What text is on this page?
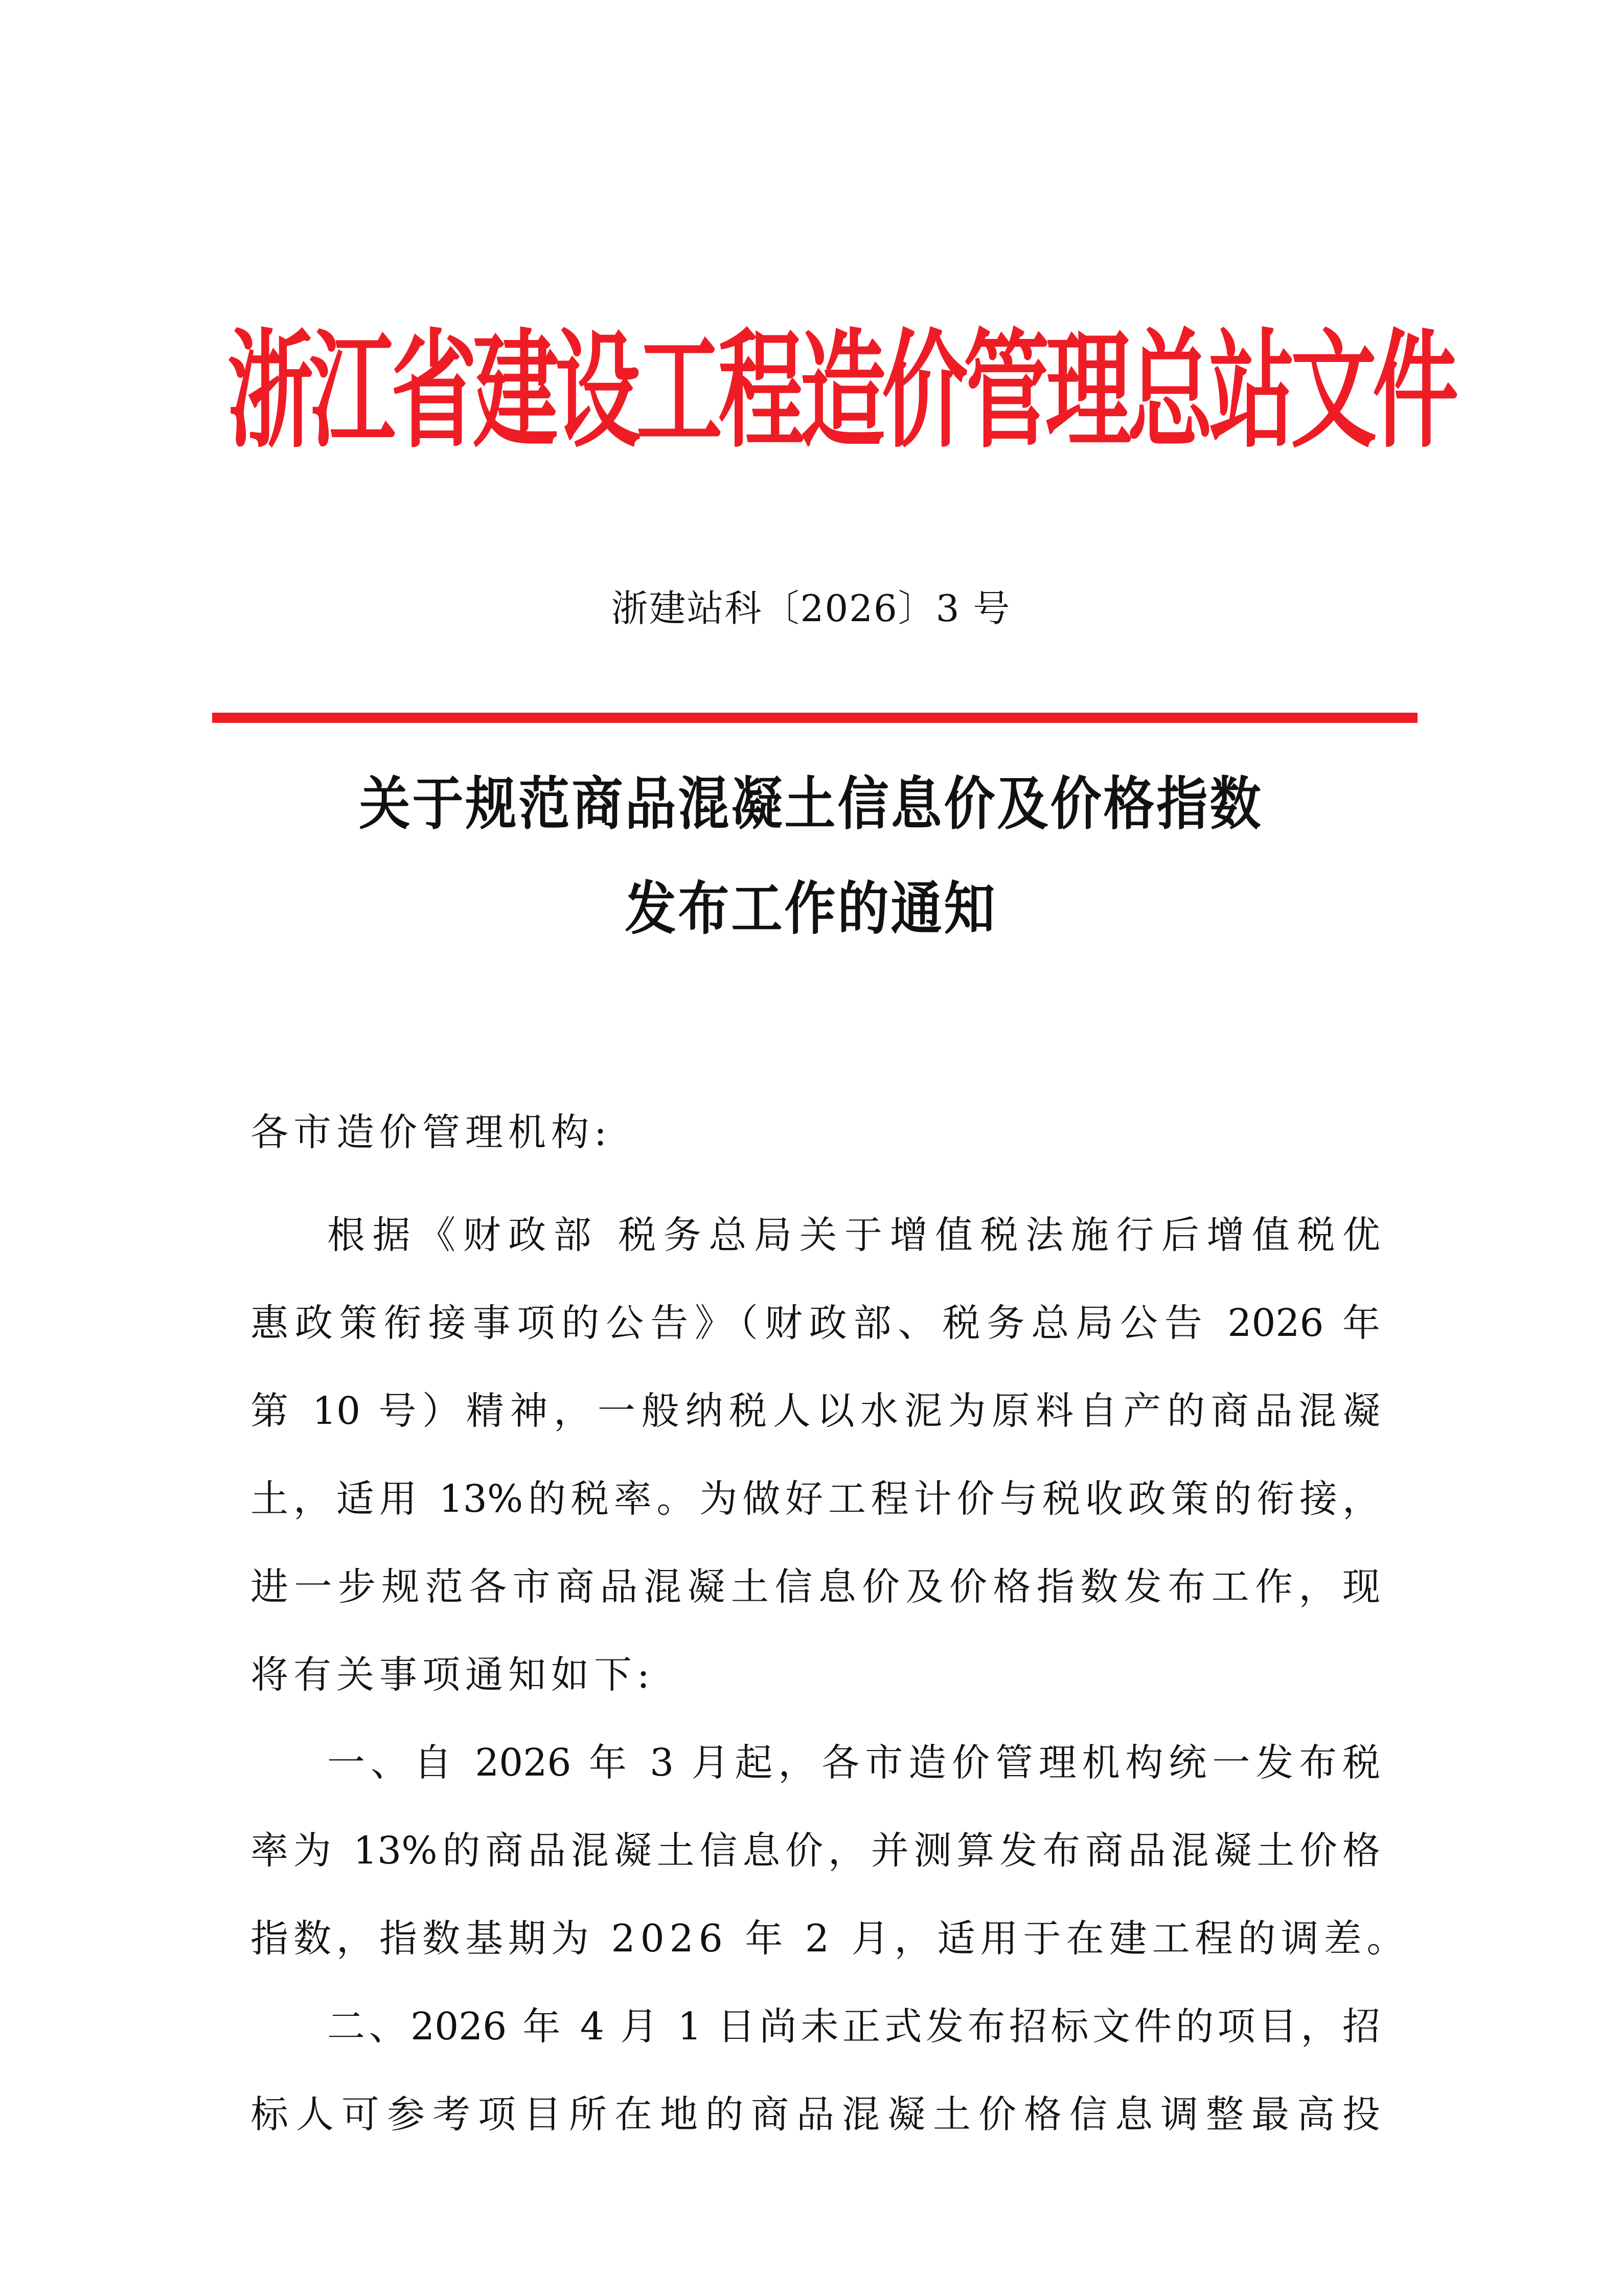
浙
江
省
建
设
工
程
造
价
管
理
总
站
文
件
浙建站科〔2026〕3 号
关于规范商品混凝土信息价及价格指数
发布工作的通知
各市造价管理机构:
根据《财政部 税务总局关于增值税法施行后增值税优
惠政策衔接事项的公告》（财政部、税务总局公告 2026 年
第 10 号）精神，一般纳税人以水泥为原料自产的商品混凝
土，适用 13%的税率。为做好工程计价与税收政策的衔接，
进一步规范各市商品混凝土信息价及价格指数发布工作，现
将有关事项通知如下:
一、自 2026 年 3 月起，各市造价管理机构统一发布税
率为 13%的商品混凝土信息价，并测算发布商品混凝土价格
指数，指数基期为 2026 年 2 月，适用于在建工程的调差。
二、2026 年 4 月 1 日尚未正式发布招标文件的项目，招
标人可参考项目所在地的商品混凝土价格信息调整最高投
